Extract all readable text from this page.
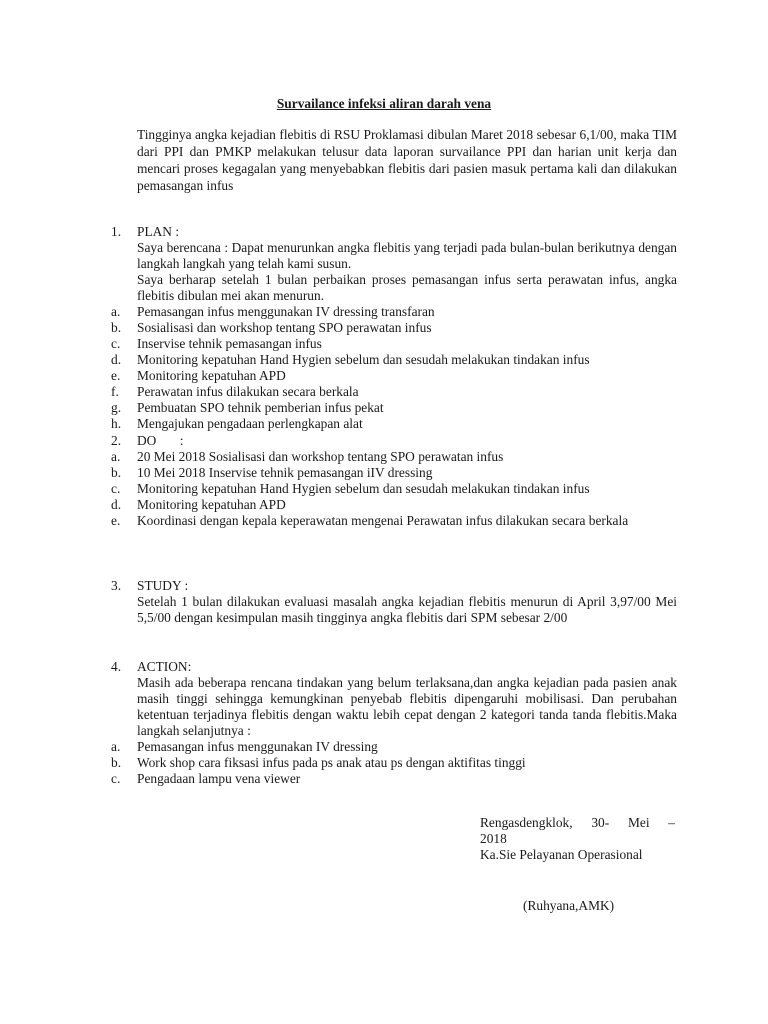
Survailance infeksi aliran darah vena
Tingginya angka kejadian flebitis di RSU Proklamasi dibulan Maret 2018 sebesar 6,1/00, maka TIM dari PPI dan PMKP melakukan telusur data laporan survailance PPI dan harian unit kerja dan mencari proses kegagalan yang menyebabkan flebitis dari pasien masuk pertama kali dan dilakukan pemasangan infus
1.	PLAN :
Saya berencana : Dapat menurunkan angka flebitis yang terjadi pada bulan-bulan berikutnya dengan langkah langkah yang telah kami susun.
Saya berharap setelah 1 bulan perbaikan proses pemasangan infus serta perawatan infus, angka flebitis dibulan mei akan menurun.
a.	Pemasangan infus menggunakan IV dressing transfaran
b.	Sosialisasi dan workshop tentang SPO perawatan infus
c.	Inservise tehnik pemasangan infus
d.	Monitoring kepatuhan Hand Hygien sebelum dan sesudah melakukan tindakan infus
e.	Monitoring kepatuhan APD
f.	Perawatan infus dilakukan secara berkala
g.	Pembuatan SPO tehnik pemberian infus pekat
h.	Mengajukan pengadaan perlengkapan alat
2.	DO       :
a.	20 Mei 2018 Sosialisasi dan workshop tentang SPO perawatan infus
b.	10 Mei 2018 Inservise tehnik pemasangan iIV dressing
c.	Monitoring kepatuhan Hand Hygien sebelum dan sesudah melakukan tindakan infus
d.	Monitoring kepatuhan APD
e.	Koordinasi dengan kepala keperawatan mengenai Perawatan infus dilakukan secara berkala
3.	STUDY :
Setelah 1 bulan dilakukan evaluasi masalah angka kejadian flebitis menurun di April 3,97/00 Mei 5,5/00 dengan kesimpulan masih tingginya angka flebitis dari SPM sebesar 2/00
4.	ACTION:
Masih ada beberapa rencana tindakan yang belum terlaksana,dan angka kejadian pada pasien anak masih tinggi sehingga kemungkinan penyebab flebitis dipengaruhi mobilisasi. Dan perubahan ketentuan terjadinya flebitis dengan waktu lebih cepat dengan 2 kategori tanda tanda flebitis.Maka langkah selanjutnya :
a.	Pemasangan infus menggunakan IV dressing
b.	Work shop cara fiksasi infus pada ps anak atau ps dengan aktifitas tinggi
c.	Pengadaan lampu vena viewer
Rengasdengklok, 30- Mei –
2018
Ka.Sie Pelayanan Operasional
(Ruhyana,AMK)
